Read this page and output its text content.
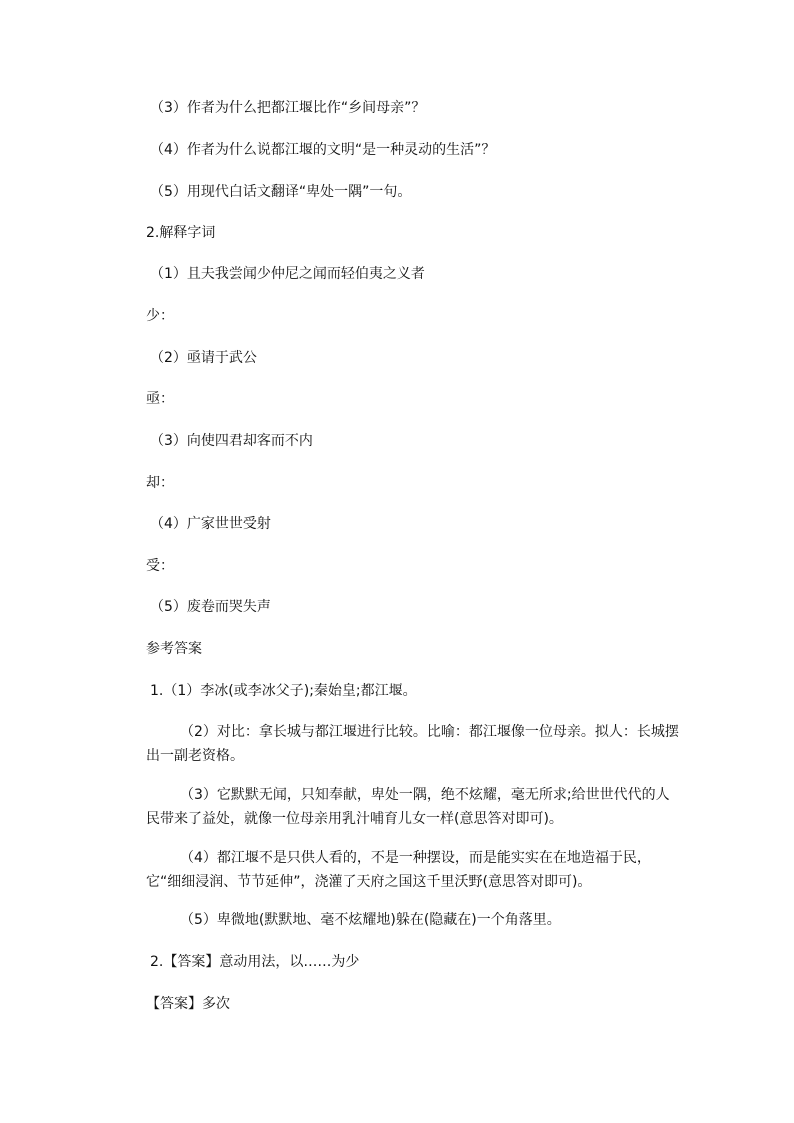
（3）作者为什么把都江堰比作“乡间母亲”？
（4）作者为什么说都江堰的文明“是一种灵动的生活”？
（5）用现代白话文翻译“卑处一隅”一句。
2.解释字词
（1）且夫我尝闻少仲尼之闻而轻伯夷之义者
少：
（2）亟请于武公
亟：
（3）向使四君却客而不内
却：
（4）广家世世受射
受：
（5）废卷而哭失声
参考答案
1.（1）李冰(或李冰父子);秦始皇;都江堰。
（2）对比：拿长城与都江堰进行比较。比喻：都江堰像一位母亲。拟人：长城摆出一副老资格。
（3）它默默无闻，只知奉献，卑处一隅，绝不炫耀，毫无所求;给世世代代的人民带来了益处，就像一位母亲用乳汁哺育儿女一样(意思答对即可)。
（4）都江堰不是只供人看的，不是一种摆设，而是能实实在在地造福于民，它“细细浸润、节节延伸”，浇灌了天府之国这千里沃野(意思答对即可)。
（5）卑微地(默默地、毫不炫耀地)躲在(隐藏在)一个角落里。
2.【答案】意动用法，以……为少
【答案】多次
